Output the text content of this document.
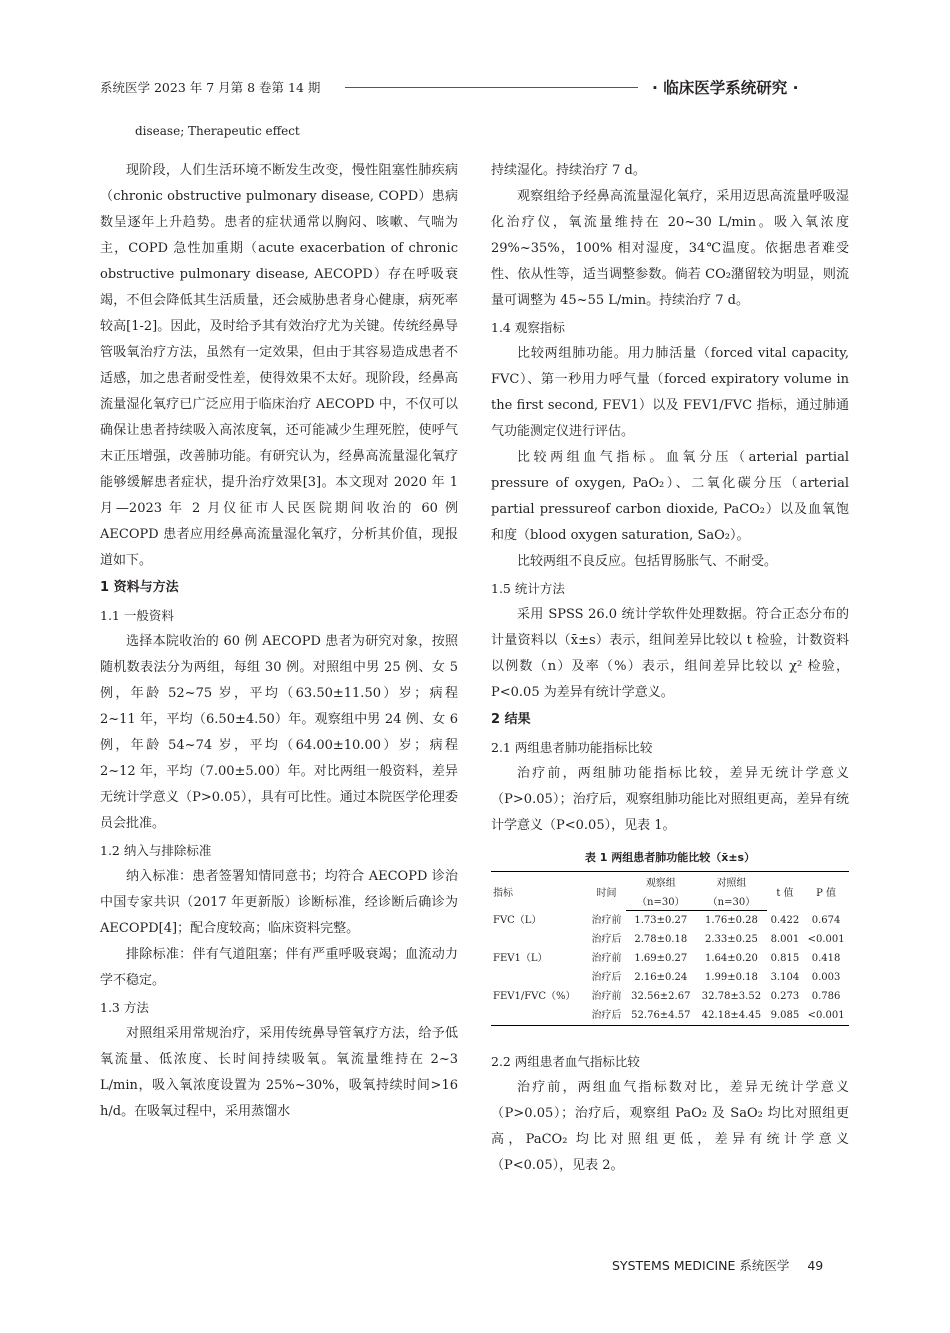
系统医学 2023 年 7 月第 8 卷第 14 期	· 临床医学系统研究 ·
disease; Therapeutic effect

现阶段，人们生活环境不断发生改变，慢性阻塞性肺疾病（chronic obstructive pulmonary disease, COPD）患病数呈逐年上升趋势。患者的症状通常以胸闷、咳嗽、气喘为主，COPD 急性加重期（acute exacerbation of chronic obstructive pulmonary disease, AECOPD）存在呼吸衰竭，不但会降低其生活质量，还会威胁患者身心健康，病死率较高[1-2]。因此，及时给予其有效治疗尤为关键。传统经鼻导管吸氧治疗方法，虽然有一定效果，但由于其容易造成患者不适感，加之患者耐受性差，使得效果不太好。现阶段，经鼻高流量湿化氧疗已广泛应用于临床治疗 AECOPD 中，不仅可以确保让患者持续吸入高浓度氧，还可能减少生理死腔，使呼气末正压增强，改善肺功能。有研究认为，经鼻高流量湿化氧疗能够缓解患者症状，提升治疗效果[3]。本文现对 2020 年 1 月—2023 年 2 月仪征市人民医院期间收治的 60 例 AECOPD 患者应用经鼻高流量湿化氧疗，分析其价值，现报道如下。

1 资料与方法
1.1 一般资料

选择本院收治的 60 例 AECOPD 患者为研究对象，按照随机数表法分为两组，每组 30 例。对照组中男 25 例、女 5 例，年龄 52~75 岁，平均（63.50±11.50）岁；病程 2~11 年，平均（6.50±4.50）年。观察组中男 24 例、女 6 例，年龄 54~74 岁，平均（64.00±10.00）岁；病程 2~12 年，平均（7.00±5.00）年。对比两组一般资料，差异无统计学意义（P>0.05），具有可比性。通过本院医学伦理委员会批准。

1.2 纳入与排除标准

纳入标准：患者签署知情同意书；均符合 AECOPD 诊治中国专家共识（2017 年更新版）诊断标准，经诊断后确诊为 AECOPD[4]；配合度较高；临床资料完整。

排除标准：伴有气道阻塞；伴有严重呼吸衰竭；血流动力学不稳定。

1.3 方法

对照组采用常规治疗，采用传统鼻导管氧疗方法，给予低氧流量、低浓度、长时间持续吸氧。氧流量维持在 2~3 L/min，吸入氧浓度设置为 25%~30%，吸氧持续时间>16 h/d。在吸氧过程中，采用蒸馏水

持续湿化。持续治疗 7 d。

观察组给予经鼻高流量湿化氧疗，采用迈思高流量呼吸湿化治疗仪，氧流量维持在 20~30 L/min。吸入氧浓度 29%~35%，100% 相对湿度，34℃温度。依据患者难受性、依从性等，适当调整参数。倘若 CO₂潴留较为明显，则流量可调整为 45~55 L/min。持续治疗 7 d。

1.4 观察指标

比较两组肺功能。用力肺活量（forced vital capacity, FVC）、第一秒用力呼气量（forced expiratory volume in the first second, FEV1）以及 FEV1/FVC 指标，通过肺通气功能测定仪进行评估。

比较两组血气指标。血氧分压（arterial partial pressure of oxygen, PaO₂）、二氧化碳分压（arterial partial pressureof carbon dioxide, PaCO₂）以及血氧饱和度（blood oxygen saturation, SaO₂）。

比较两组不良反应。包括胃肠胀气、不耐受。

1.5 统计方法

采用 SPSS 26.0 统计学软件处理数据。符合正态分布的计量资料以（x̄±s）表示，组间差异比较以 t 检验，计数资料以例数（n）及率（%）表示，组间差异比较以 χ² 检验，P<0.05 为差异有统计学意义。

2 结果
2.1 两组患者肺功能指标比较

治疗前，两组肺功能指标比较，差异无统计学意义（P>0.05）；治疗后，观察组肺功能比对照组更高，差异有统计学意义（P<0.05），见表 1。

表 1 两组患者肺功能比较（x̄±s）
指标	时间	观察组	对照组	t 值	P 值
		（n=30）	（n=30）		
FVC（L）	治疗前	1.73±0.27	1.76±0.28	0.422	0.674
	治疗后	2.78±0.18	2.33±0.25	8.001	<0.001
FEV1（L）	治疗前	1.69±0.27	1.64±0.20	0.815	0.418
	治疗后	2.16±0.24	1.99±0.18	3.104	0.003
FEV1/FVC（%）	治疗前	32.56±2.67	32.78±3.52	0.273	0.786
	治疗后	52.76±4.57	42.18±4.45	9.085	<0.001
2.2 两组患者血气指标比较

治疗前，两组血气指标数对比，差异无统计学意义（P>0.05）；治疗后，观察组 PaO₂ 及 SaO₂ 均比对照组更高，PaCO₂ 均比对照组更低，差异有统计学意义（P<0.05），见表 2。

SYSTEMS MEDICINE 系统医学 49
